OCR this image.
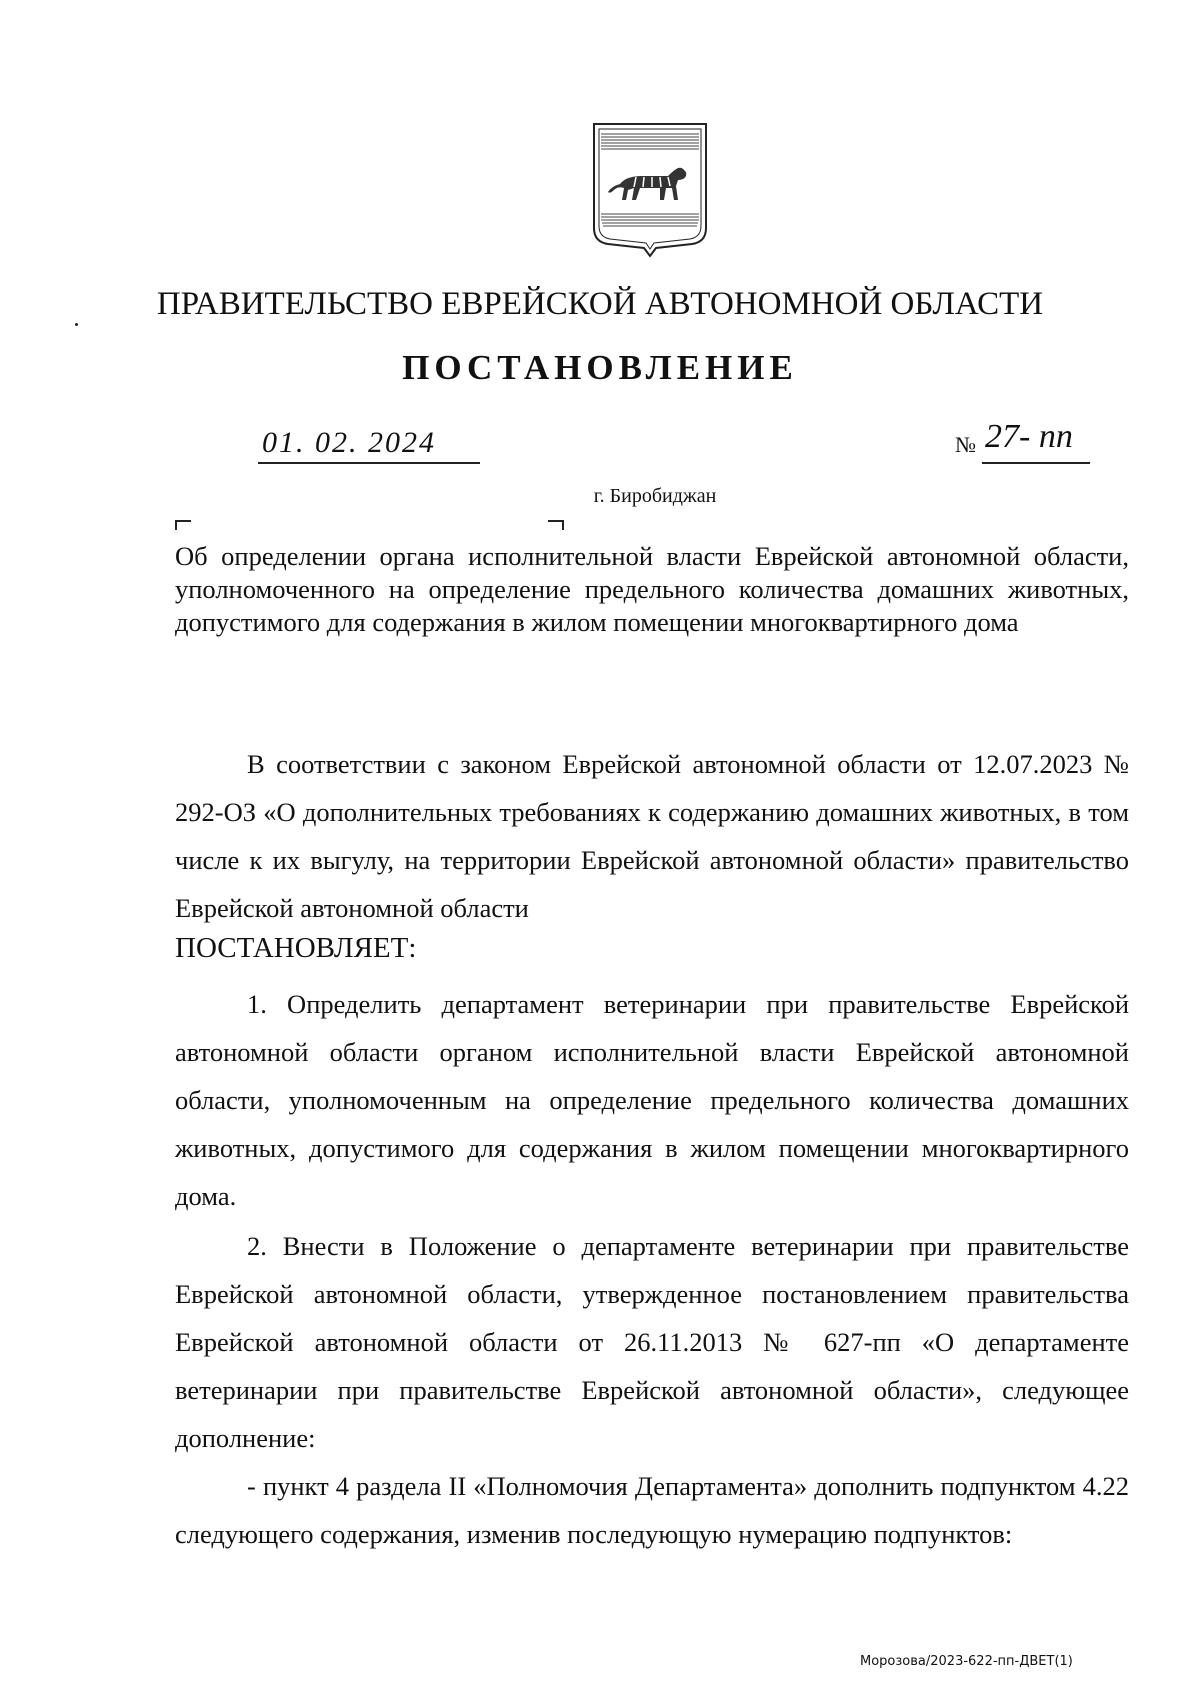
ПРАВИТЕЛЬСТВО ЕВРЕЙСКОЙ АВТОНОМНОЙ ОБЛАСТИ
ПОСТАНОВЛЕНИЕ
01. 02. 2024	№ 27- пп
г. Биробиджан
Об определении органа исполнительной власти Еврейской автономной области, уполномоченного на определение предельного количества домашних животных, допустимого для содержания в жилом помещении многоквартирного дома
В соответствии с законом Еврейской автономной области от 12.07.2023 № 292-ОЗ «О дополнительных требованиях к содержанию домашних животных, в том числе к их выгулу, на территории Еврейской автономной области» правительство Еврейской автономной области
ПОСТАНОВЛЯЕТ:
1. Определить департамент ветеринарии при правительстве Еврейской автономной области органом исполнительной власти Еврейской автономной области, уполномоченным на определение предельного количества домашних животных, допустимого для содержания в жилом помещении многоквартирного дома.
2. Внести в Положение о департаменте ветеринарии при правительстве Еврейской автономной области, утвержденное постановлением правительства Еврейской автономной области от 26.11.2013 № 627-пп «О департаменте ветеринарии при правительстве Еврейской автономной области», следующее дополнение:
- пункт 4 раздела II «Полномочия Департамента» дополнить подпунктом 4.22 следующего содержания, изменив последующую нумерацию подпунктов:
Морозова/2023-622-пп-ДВЕТ(1)
